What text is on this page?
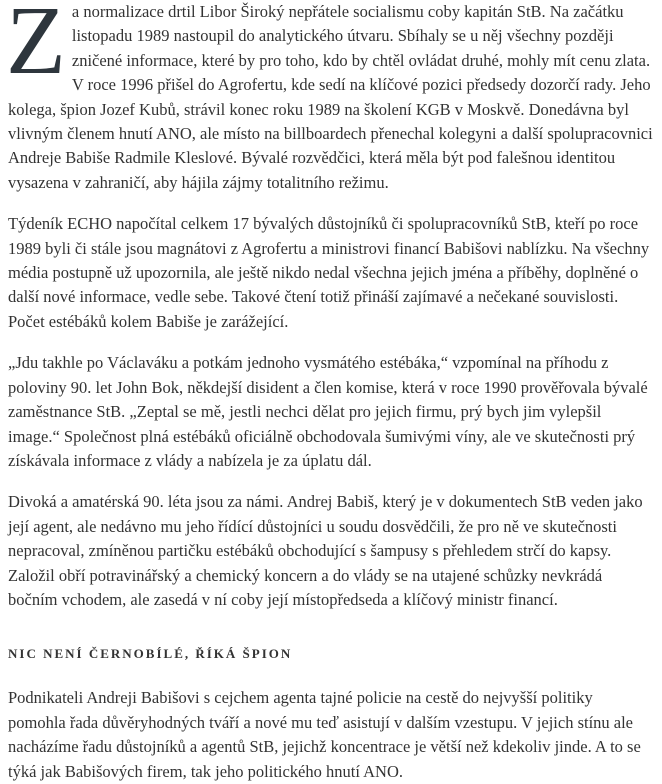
Za normalizace drtil Libor Široký nepřátele socialismu coby kapitán StB. Na začátku listopadu 1989 nastoupil do analytického útvaru. Sbíhaly se u něj všechny později zničené informace, které by pro toho, kdo by chtěl ovládat druhé, mohly mít cenu zlata. V roce 1996 přišel do Agrofertu, kde sedí na klíčové pozici předsedy dozorčí rady. Jeho kolega, špion Jozef Kubů, strávil konec roku 1989 na školení KGB v Moskvě. Donedávna byl vlivným členem hnutí ANO, ale místo na billboardech přenechal kolegyni a další spolupracovnici Andreje Babiše Radmile Kleslové. Bývalé rozvědčici, která měla být pod falešnou identitou vysazena v zahraničí, aby hájila zájmy totalitního režimu.

Týdeník ECHO napočítal celkem 17 bývalých důstojníků či spolupracovníků StB, kteří po roce 1989 byli či stále jsou magnátovi z Agrofertu a ministrovi financí Babišovi nablízku. Na všechny média postupně už upozornila, ale ještě nikdo nedal všechna jejich jména a příběhy, doplněné o další nové informace, vedle sebe. Takové čtení totiž přináší zajímavé a nečekané souvislosti. Počet estébáků kolem Babiše je zarážející.

„Jdu takhle po Václaváku a potkám jednoho vysmátého estébáka,“ vzpomínal na příhodu z poloviny 90. let John Bok, někdejší disident a člen komise, která v roce 1990 prověřovala bývalé zaměstnance StB. „Zeptal se mě, jestli nechci dělat pro jejich firmu, prý bych jim vylepšil image.“ Společnost plná estébáků oficiálně obchodovala šumivými víny, ale ve skutečnosti prý získávala informace z vlády a nabízela je za úplatu dál.

Divoká a amatérská 90. léta jsou za námi. Andrej Babiš, který je v dokumentech StB veden jako její agent, ale nedávno mu jeho řídící důstojníci u soudu dosvědčili, že pro ně ve skutečnosti nepracoval, zmíněnou partičku estébáků obchodující s šampusy s přehledem strčí do kapsy. Založil obří potravinářský a chemický koncern a do vlády se na utajené schůzky nevkrádá bočním vchodem, ale zasedá v ní coby její místopředseda a klíčový ministr financí.

NIC NENÍ ČERNOBÍLÉ, ŘÍKÁ ŠPION

Podnikateli Andreji Babišovi s cejchem agenta tajné policie na cestě do nejvyšší politiky pomohla řada důvěryhodných tváří a nové mu teď asistují v dalším vzestupu. V jejich stínu ale nacházíme řadu důstojníků a agentů StB, jejichž koncentrace je větší než kdekoliv jinde. A to se týká jak Babišových firem, tak jeho politického hnutí ANO.
